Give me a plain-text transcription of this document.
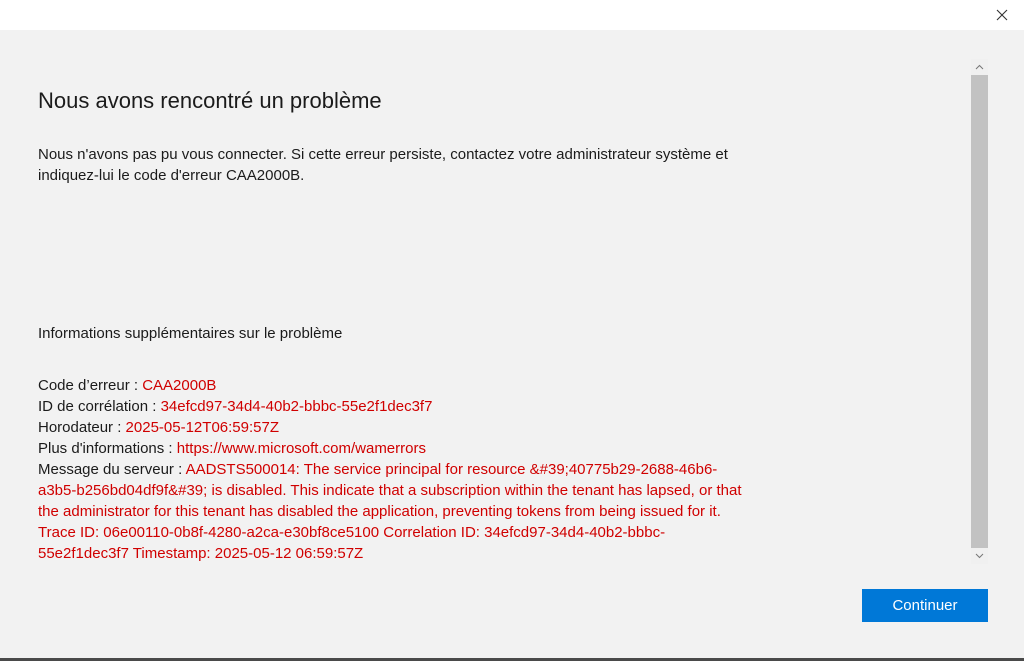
Nous avons rencontré un problème

Nous n'avons pas pu vous connecter. Si cette erreur persiste, contactez votre administrateur système et indiquez-lui le code d'erreur CAA2000B.

Informations supplémentaires sur le problème
Code d’erreur : CAA2000B
ID de corrélation : 34efcd97-34d4-40b2-bbbc-55e2f1dec3f7
Horodateur : 2025-05-12T06:59:57Z
Plus d'informations : https://www.microsoft.com/wamerrors
Message du serveur : AADSTS500014: The service principal for resource &#39;40775b29-2688-46b6-a3b5-b256bd04df9f&#39; is disabled. This indicate that a subscription within the tenant has lapsed, or that the administrator for this tenant has disabled the application, preventing tokens from being issued for it. Trace ID: 06e00110-0b8f-4280-a2ca-e30bf8ce5100 Correlation ID: 34efcd97-34d4-40b2-bbbc-55e2f1dec3f7 Timestamp: 2025-05-12 06:59:57Z
Continuer
